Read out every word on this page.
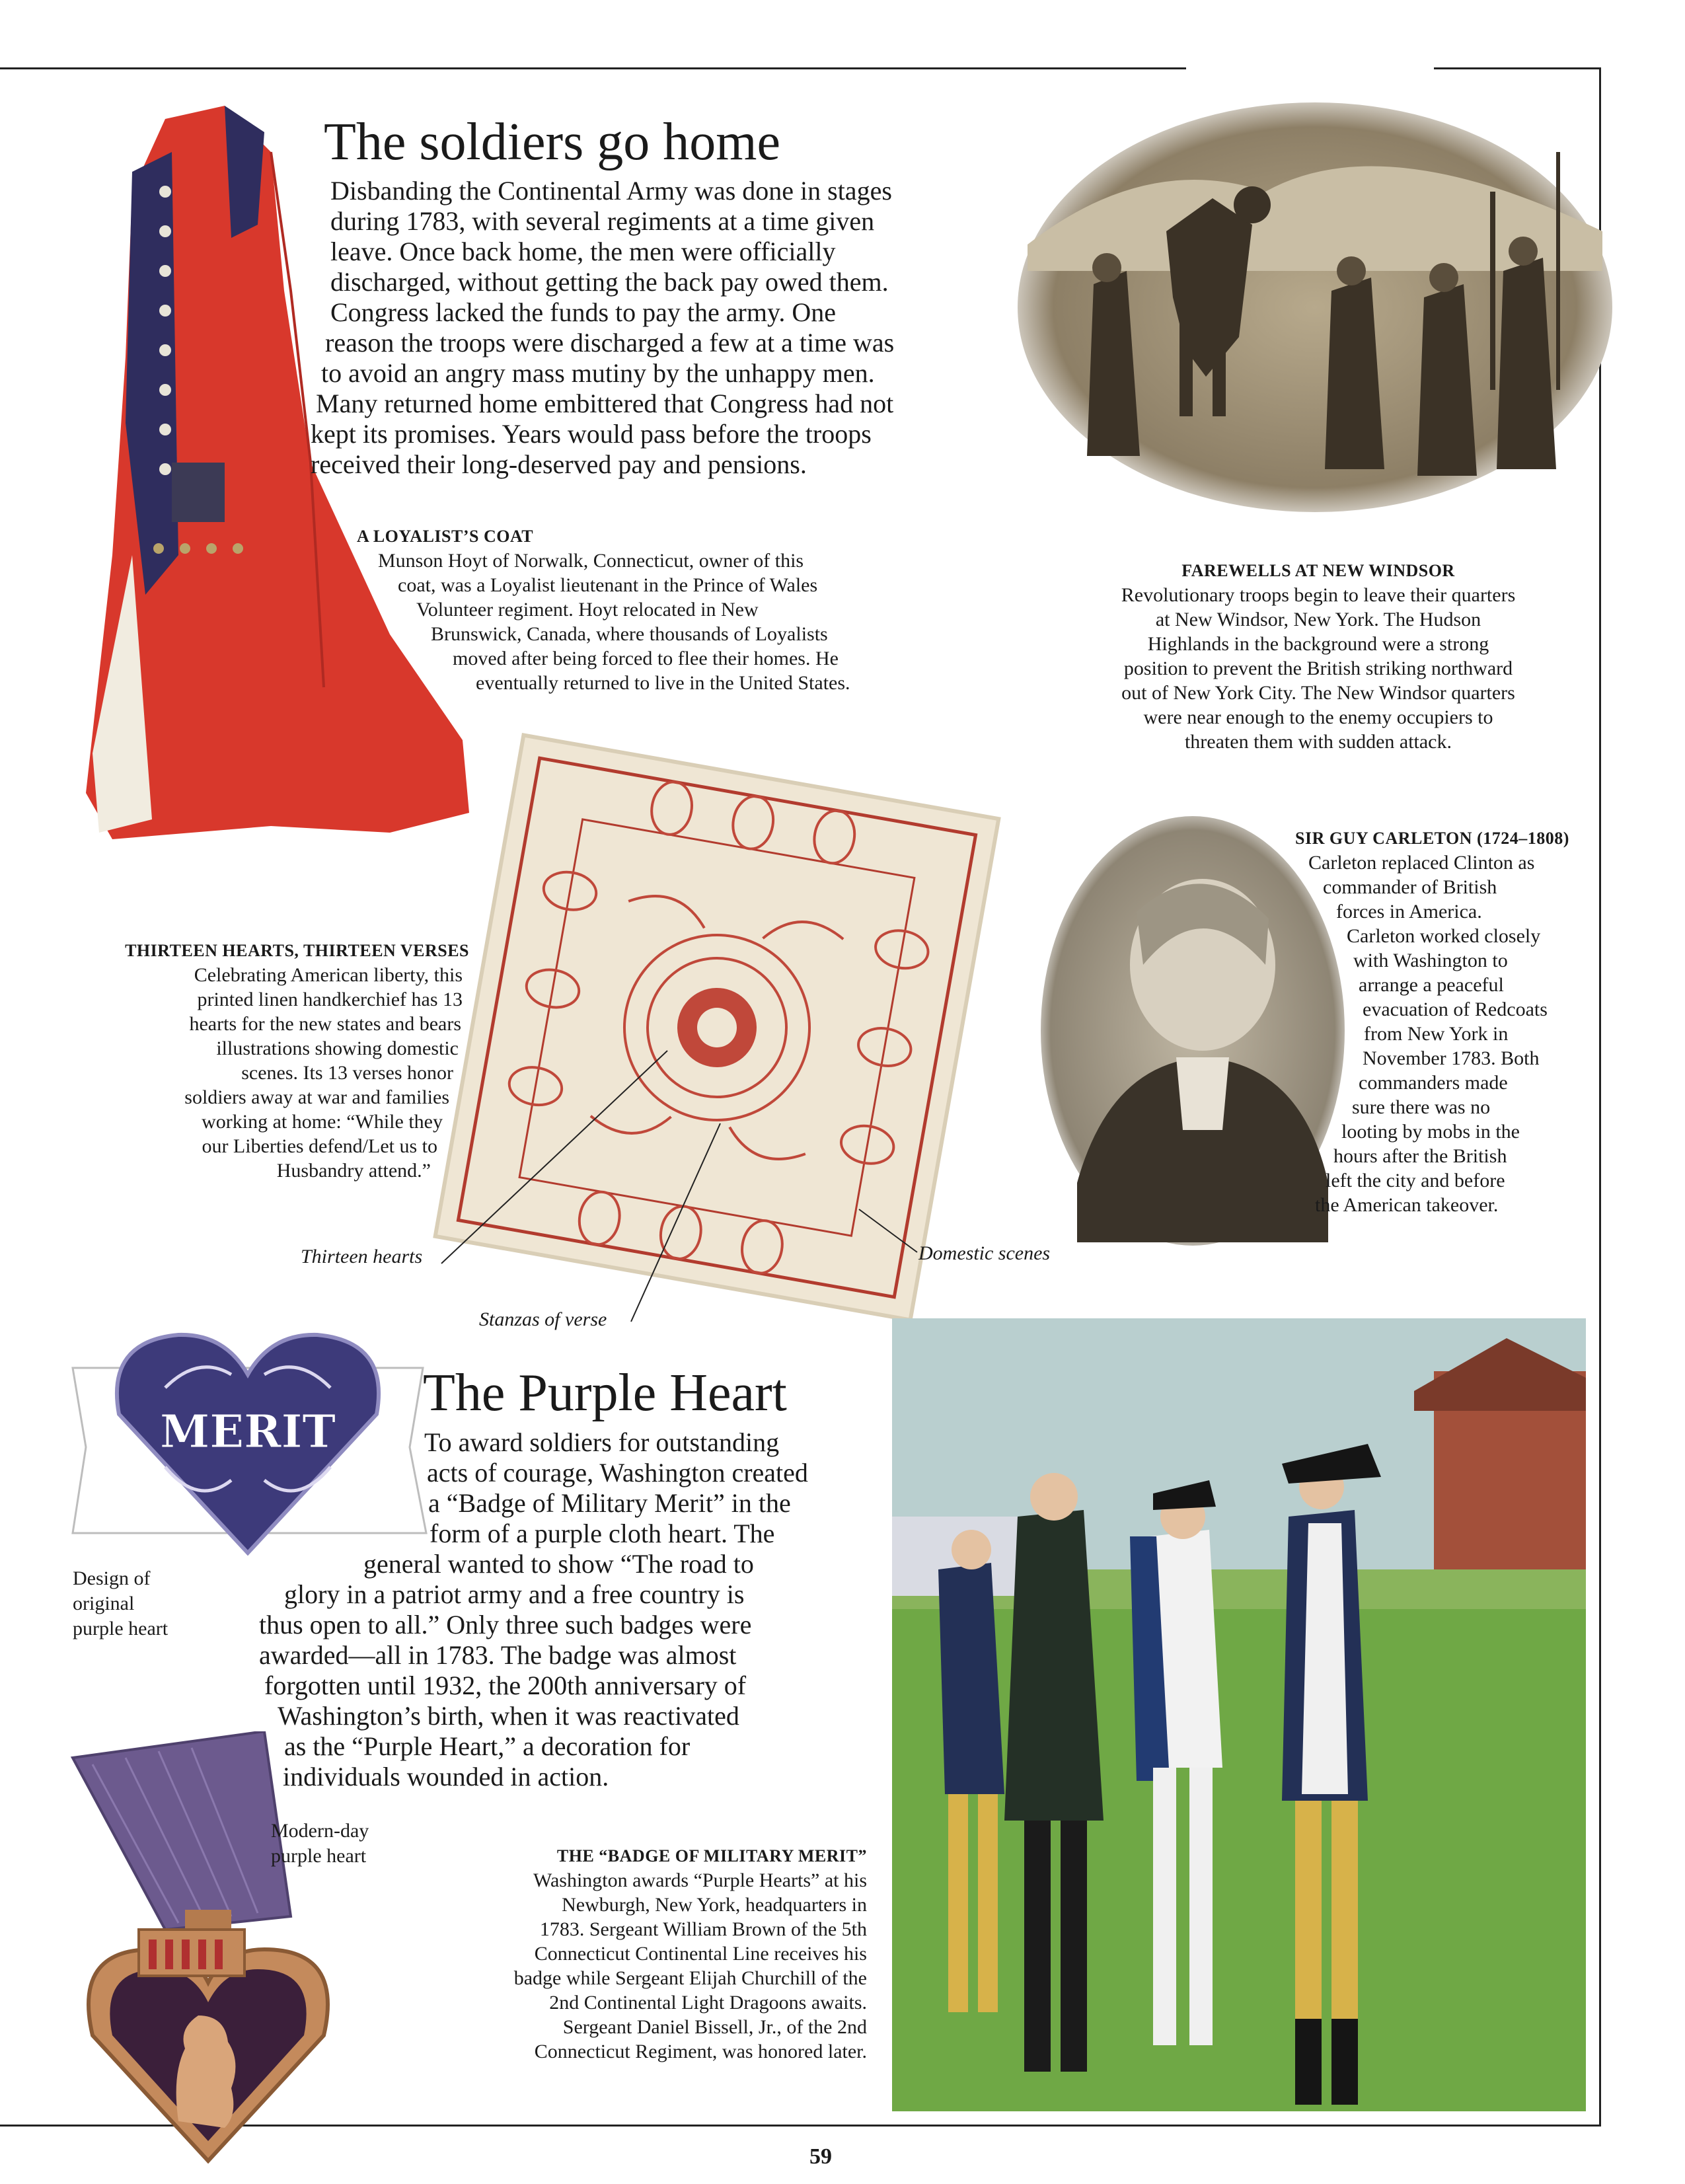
The soldiers go home
Disbanding the Continental Army was done in stages
during 1783, with several regiments at a time given
leave. Once back home, the men were officially
discharged, without getting the back pay owed them.
Congress lacked the funds to pay the army. One
reason the troops were discharged a few at a time was
to avoid an angry mass mutiny by the unhappy men.
Many returned home embittered that Congress had not
kept its promises. Years would pass before the troops
received their long-deserved pay and pensions.
A LOYALIST’S COAT
Munson Hoyt of Norwalk, Connecticut, owner of this
coat, was a Loyalist lieutenant in the Prince of Wales
Volunteer regiment. Hoyt relocated in New
Brunswick, Canada, where thousands of Loyalists
moved after being forced to flee their homes. He
eventually returned to live in the United States.
FAREWELLS AT NEW WINDSOR
Revolutionary troops begin to leave their quarters
at New Windsor, New York. The Hudson
Highlands in the background were a strong
position to prevent the British striking northward
out of New York City. The New Windsor quarters
were near enough to the enemy occupiers to
threaten them with sudden attack.
SIR GUY CARLETON (1724–1808)
Carleton replaced Clinton as
commander of British
forces in America.
Carleton worked closely
with Washington to
arrange a peaceful
evacuation of Redcoats
from New York in
November 1783. Both
commanders made
sure there was no
looting by mobs in the
hours after the British
left the city and before
the American takeover.
THIRTEEN HEARTS, THIRTEEN VERSES
Celebrating American liberty, this
printed linen handkerchief has 13
hearts for the new states and bears
illustrations showing domestic
scenes. Its 13 verses honor
soldiers away at war and families
working at home: “While they
our Liberties defend/Let us to
Husbandry attend.”
Thirteen hearts	Domestic scenes
Stanzas of verse
MERIT
Design of
original
purple heart
The Purple Heart
To award soldiers for outstanding
acts of courage, Washington created
a “Badge of Military Merit” in the
form of a purple cloth heart. The
general wanted to show “The road to
glory in a patriot army and a free country is
thus open to all.” Only three such badges were
awarded—all in 1783. The badge was almost
forgotten until 1932, the 200th anniversary of
Washington’s birth, when it was reactivated
as the “Purple Heart,” a decoration for
individuals wounded in action.
Modern-day
purple heart	THE “BADGE OF MILITARY MERIT”
Washington awards “Purple Hearts” at his
Newburgh, New York, headquarters in
1783. Sergeant William Brown of the 5th
Connecticut Continental Line receives his
badge while Sergeant Elijah Churchill of the
2nd Continental Light Dragoons awaits.
Sergeant Daniel Bissell, Jr., of the 2nd
Connecticut Regiment, was honored later.
59
